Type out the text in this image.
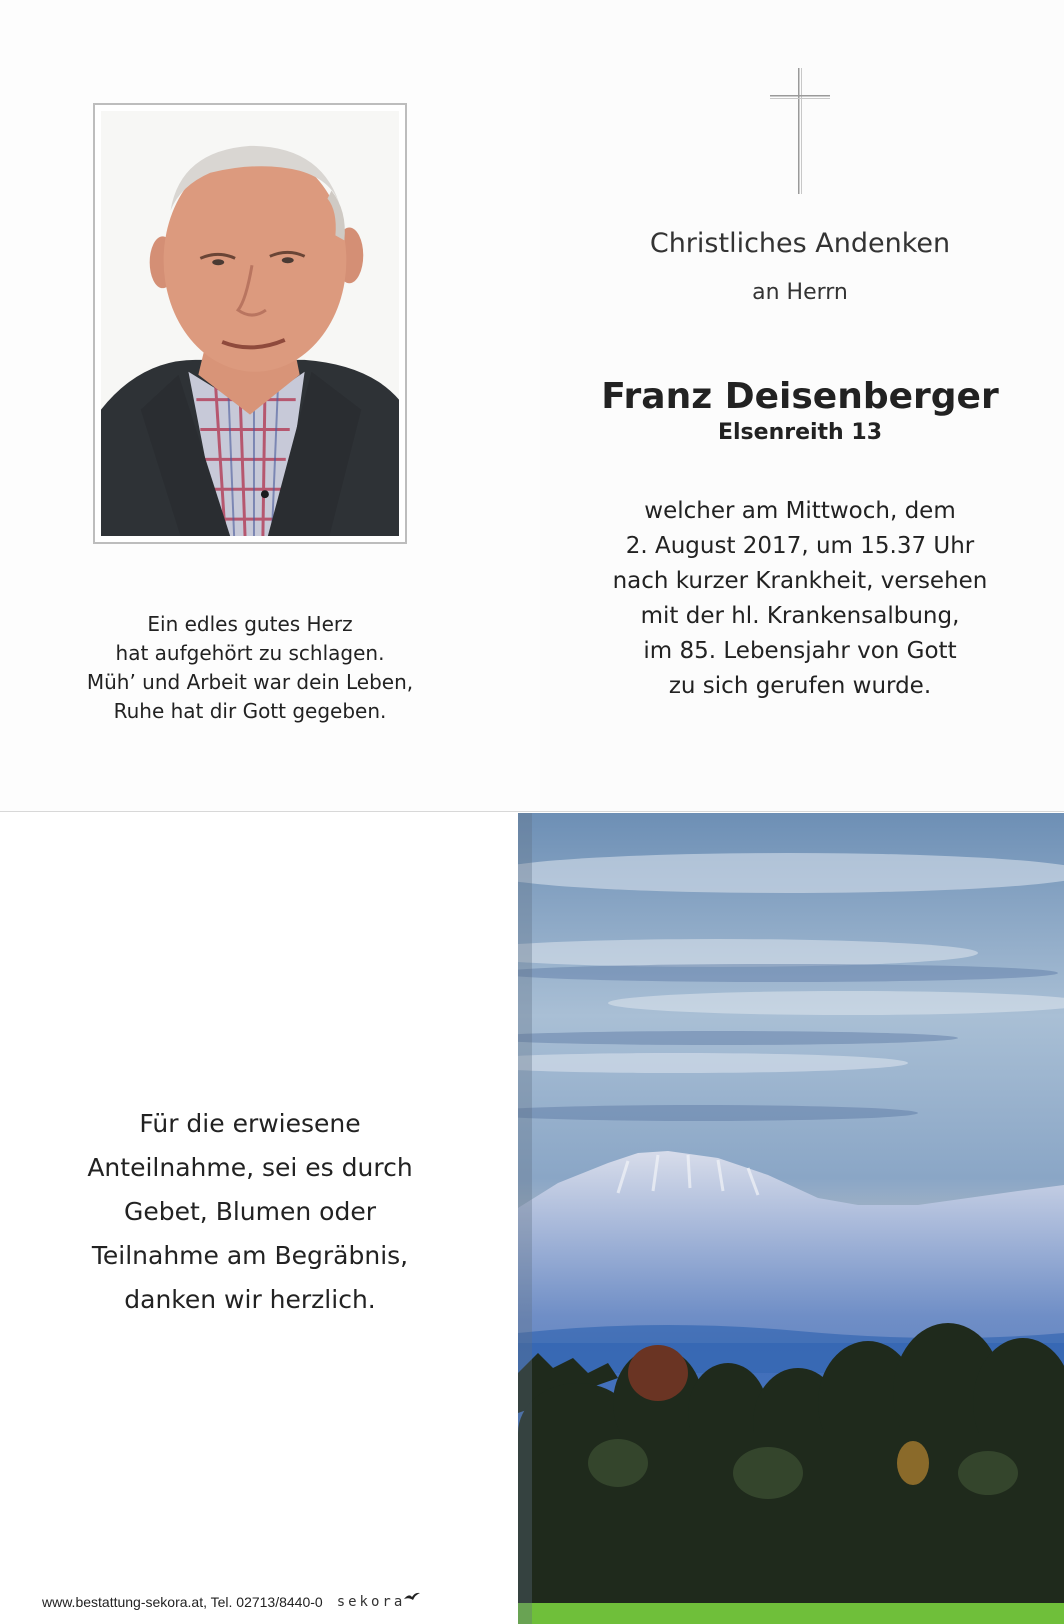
Ein edles gutes Herz
hat aufgehört zu schlagen.
Müh’ und Arbeit war dein Leben,
Ruhe hat dir Gott gegeben.
Christliches Andenken
an Herrn
Franz Deisenberger
Elsenreith 13
welcher am Mittwoch, dem
2. August 2017, um 15.37 Uhr
nach kurzer Krankheit, versehen
mit der hl. Krankensalbung,
im 85. Lebensjahr von Gott
zu sich gerufen wurde.
Für die erwiesene
Anteilnahme, sei es durch
Gebet, Blumen oder
Teilnahme am Begräbnis,
danken wir herzlich.
www.bestattung-sekora.at, Tel. 02713/8440-0 sekora
